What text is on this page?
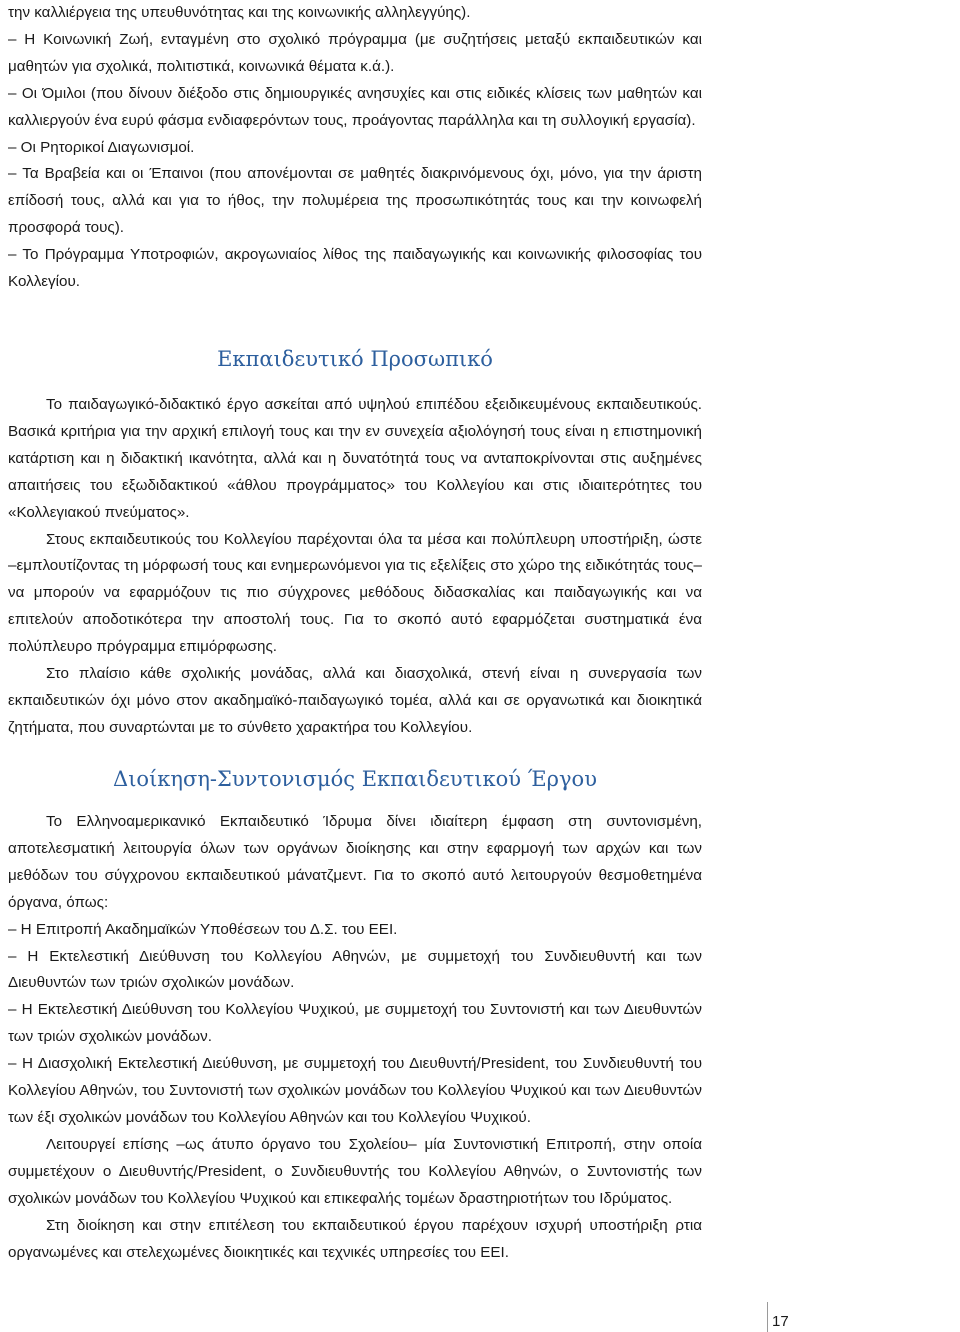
την καλλιέργεια της υπευθυνότητας και της κοινωνικής αλληλεγγύης).

– Η Κοινωνική Ζωή, ενταγμένη στο σχολικό πρόγραμμα (με συζητήσεις μεταξύ εκπαιδευτικών και μαθητών για σχολικά, πολιτιστικά, κοινωνικά θέματα κ.ά.).

– Οι Όμιλοι (που δίνουν διέξοδο στις δημιουργικές ανησυχίες και στις ειδικές κλίσεις των μαθητών και καλλιεργούν ένα ευρύ φάσμα ενδιαφερόντων τους, προάγοντας παράλληλα και τη συλλογική εργασία).

– Οι Ρητορικοί Διαγωνισμοί.

– Τα Βραβεία και οι Έπαινοι (που απονέμονται σε μαθητές διακρινόμενους όχι, μόνο, για την άριστη επίδοσή τους, αλλά και για το ήθος, την πολυμέρεια της προσωπικότητάς τους και την κοινωφελή προσφορά τους).

– Το Πρόγραμμα Υποτροφιών, ακρογωνιαίος λίθος της παιδαγωγικής και κοινωνικής φιλοσοφίας του Κολλεγίου.

Εκπαιδευτικό Προσωπικό

Το παιδαγωγικό-διδακτικό έργο ασκείται από υψηλού επιπέδου εξειδικευμένους εκπαιδευτικούς. Βασικά κριτήρια για την αρχική επιλογή τους και την εν συνεχεία αξιολόγησή τους είναι η επιστημονική κατάρτιση και η διδακτική ικανότητα, αλλά και η δυνατότητά τους να ανταποκρίνονται στις αυξημένες απαιτήσεις του εξωδιδακτικού «άθλου προγράμματος» του Κολλεγίου και στις ιδιαιτερότητες του «Κολλεγιακού πνεύματος».

Στους εκπαιδευτικούς του Κολλεγίου παρέχονται όλα τα μέσα και πολύπλευρη υποστήριξη, ώστε –εμπλουτίζοντας τη μόρφωσή τους και ενημερωνόμενοι για τις εξελίξεις στο χώρο της ειδικότητάς τους– να μπορούν να εφαρμόζουν τις πιο σύγχρονες μεθόδους διδασκαλίας και παιδαγωγικής και να επιτελούν αποδοτικότερα την αποστολή τους. Για το σκοπό αυτό εφαρμόζεται συστηματικά ένα πολύπλευρο πρόγραμμα επιμόρφωσης.

Στο πλαίσιο κάθε σχολικής μονάδας, αλλά και διασχολικά, στενή είναι η συνεργασία των εκπαιδευτικών όχι μόνο στον ακαδημαϊκό-παιδαγωγικό τομέα, αλλά και σε οργανωτικά και διοικητικά ζητήματα, που συναρτώνται με το σύνθετο χαρακτήρα του Κολλεγίου.

Διοίκηση-Συντονισμός Εκπαιδευτικού Έργου

Το Ελληνοαμερικανικό Εκπαιδευτικό Ίδρυμα δίνει ιδιαίτερη έμφαση στη συντονισμένη, αποτελεσματική λειτουργία όλων των οργάνων διοίκησης και στην εφαρμογή των αρχών και των μεθόδων του σύγχρονου εκπαιδευτικού μάνατζμεντ. Για το σκοπό αυτό λειτουργούν θεσμοθετημένα όργανα, όπως:

– Η Επιτροπή Ακαδημαϊκών Υποθέσεων του Δ.Σ. του ΕΕΙ.

– Η Εκτελεστική Διεύθυνση του Κολλεγίου Αθηνών, με συμμετοχή του Συνδιευθυντή και των Διευθυντών των τριών σχολικών μονάδων.

– Η Εκτελεστική Διεύθυνση του Κολλεγίου Ψυχικού, με συμμετοχή του Συντονιστή και των Διευθυντών των τριών σχολικών μονάδων.

– Η Διασχολική Εκτελεστική Διεύθυνση, με συμμετοχή του Διευθυντή/President, του Συνδιευθυντή του Κολλεγίου Αθηνών, του Συντονιστή των σχολικών μονάδων του Κολλεγίου Ψυχικού και των Διευθυντών των έξι σχολικών μονάδων του Κολλεγίου Αθηνών και του Κολλεγίου Ψυχικού.

Λειτουργεί επίσης –ως άτυπο όργανο του Σχολείου– μία Συντονιστική Επιτροπή, στην οποία συμμετέχουν ο Διευθυντής/President, ο Συνδιευθυντής του Κολλεγίου Αθηνών, ο Συντονιστής των σχολικών μονάδων του Κολλεγίου Ψυχικού και επικεφαλής τομέων δραστηριοτήτων του Ιδρύματος.

Στη διοίκηση και στην επιτέλεση του εκπαιδευτικού έργου παρέχουν ισχυρή υποστήριξη ρτια οργανωμένες και στελεχωμένες διοικητικές και τεχνικές υπηρεσίες του ΕΕΙ.

17
